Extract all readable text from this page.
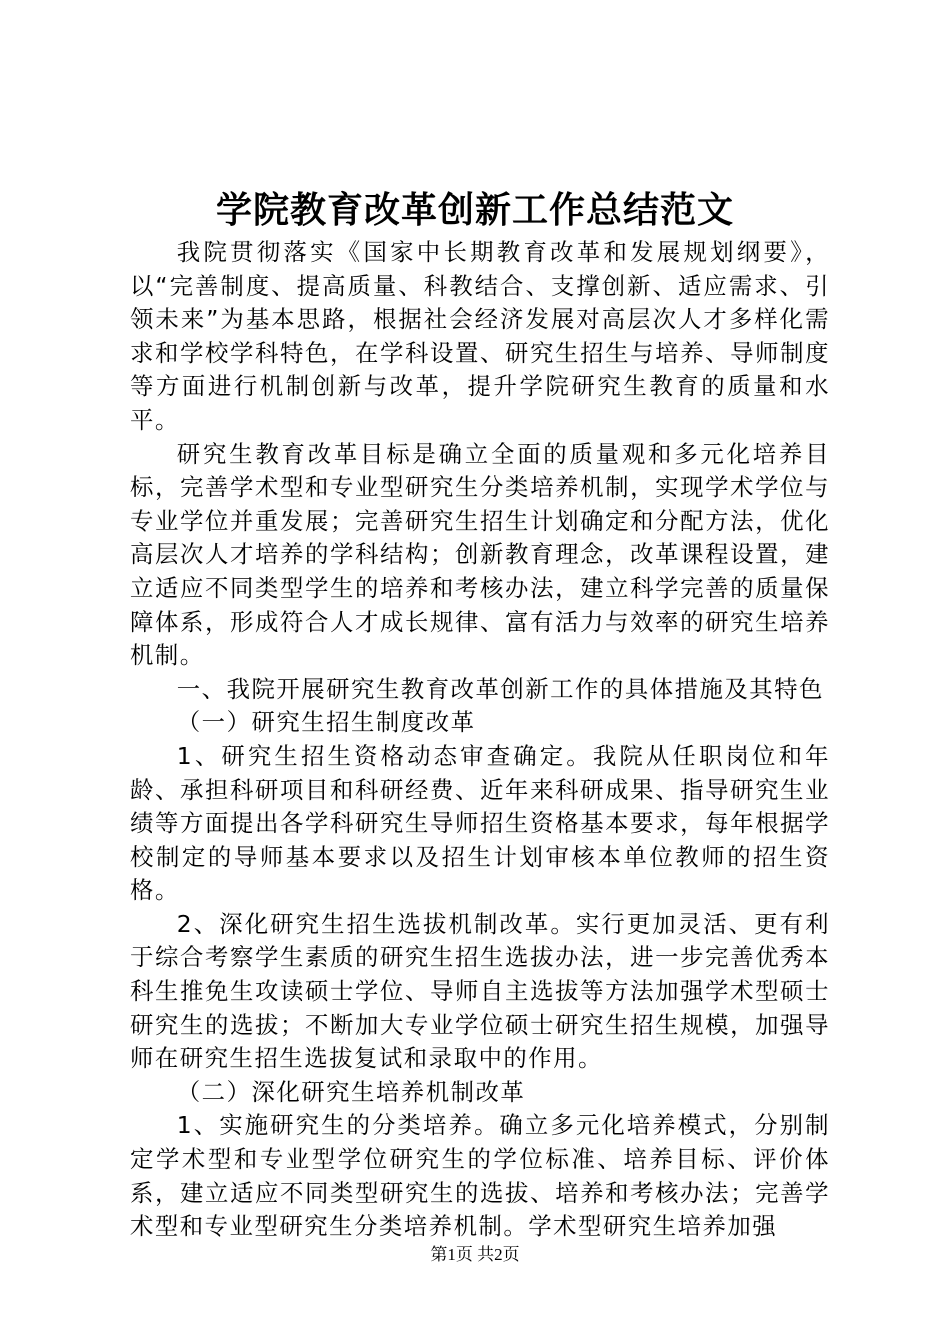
学院教育改革创新工作总结范文

我院贯彻落实《国家中长期教育改革和发展规划纲要》，以“完善制度、提高质量、科教结合、支撑创新、适应需求、引领未来”为基本思路，根据社会经济发展对高层次人才多样化需求和学校学科特色，在学科设置、研究生招生与培养、导师制度等方面进行机制创新与改革，提升学院研究生教育的质量和水平。

研究生教育改革目标是确立全面的质量观和多元化培养目标，完善学术型和专业型研究生分类培养机制，实现学术学位与专业学位并重发展；完善研究生招生计划确定和分配方法，优化高层次人才培养的学科结构；创新教育理念，改革课程设置，建立适应不同类型学生的培养和考核办法，建立科学完善的质量保障体系，形成符合人才成长规律、富有活力与效率的研究生培养机制。

一、我院开展研究生教育改革创新工作的具体措施及其特色

（一）研究生招生制度改革

1、研究生招生资格动态审查确定。我院从任职岗位和年龄、承担科研项目和科研经费、近年来科研成果、指导研究生业绩等方面提出各学科研究生导师招生资格基本要求，每年根据学校制定的导师基本要求以及招生计划审核本单位教师的招生资格。

2、深化研究生招生选拔机制改革。实行更加灵活、更有利于综合考察学生素质的研究生招生选拔办法，进一步完善优秀本科生推免生攻读硕士学位、导师自主选拔等方法加强学术型硕士研究生的选拔；不断加大专业学位硕士研究生招生规模，加强导师在研究生招生选拔复试和录取中的作用。

（二）深化研究生培养机制改革

1、实施研究生的分类培养。确立多元化培养模式，分别制定学术型和专业型学位研究生的学位标准、培养目标、评价体系，建立适应不同类型研究生的选拔、培养和考核办法；完善学术型和专业型研究生分类培养机制。学术型研究生培养加强

第1页 共2页
